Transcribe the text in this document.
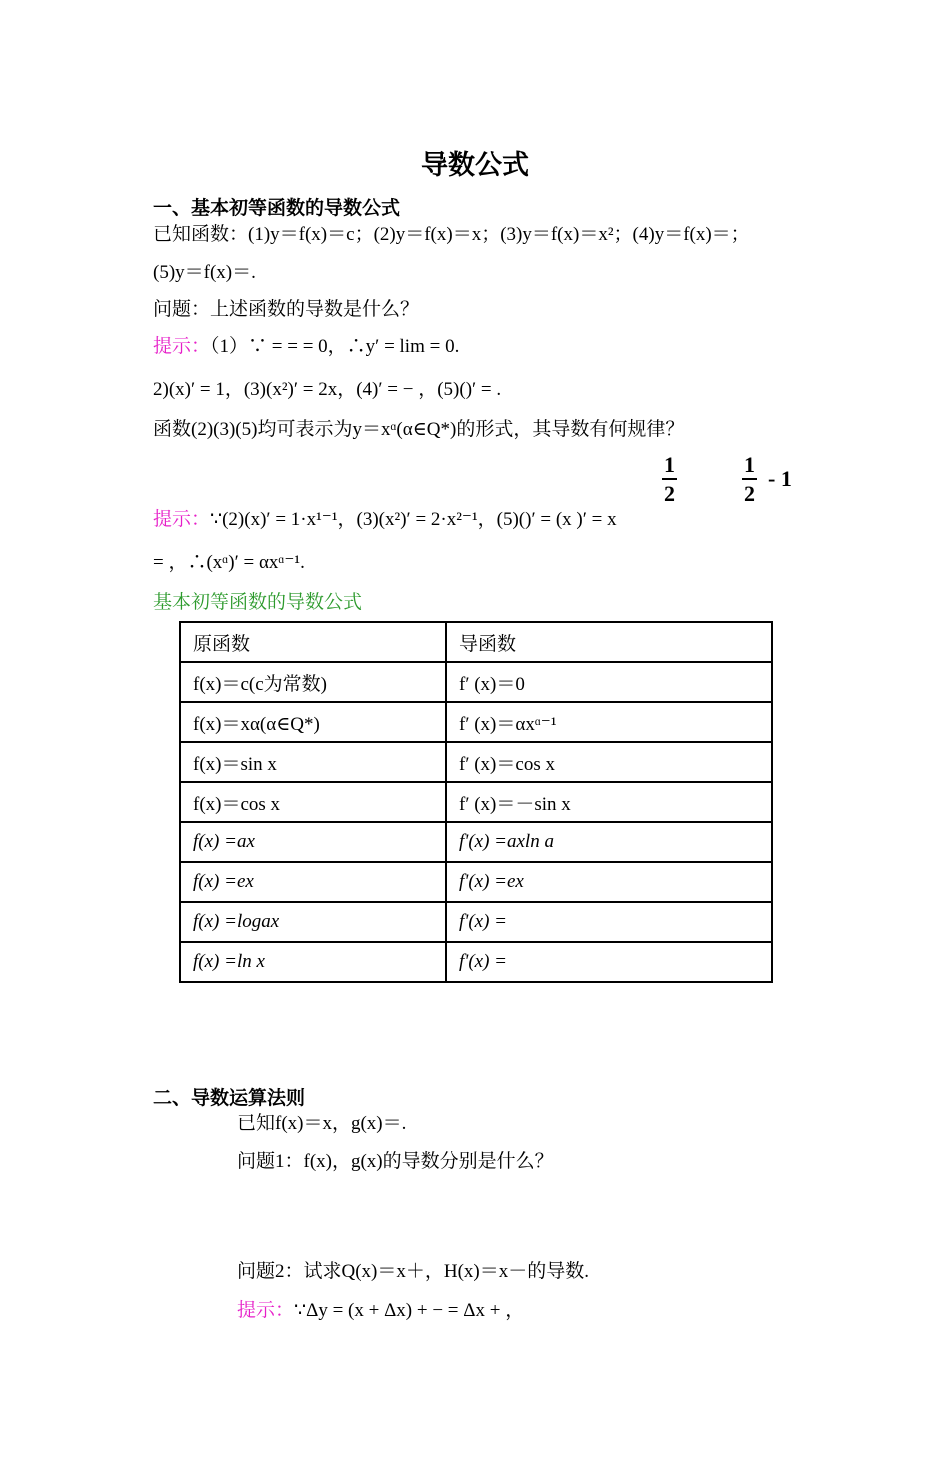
导数公式
一、基本初等函数的导数公式
已知函数：(1)y＝f(x)＝c；(2)y＝f(x)＝x；(3)y＝f(x)＝x²；(4)y＝f(x)＝；
(5)y＝f(x)＝.
问题：上述函数的导数是什么？
提示：（1）∵ = = = 0，∴y′ = lim = 0.
2)(x)′ = 1，(3)(x²)′ = 2x，(4)′ = − ，(5)()′ = .
函数(2)(3)(5)均可表示为y＝xᵅ(α∈Q*)的形式，其导数有何规律？
$\frac{1}{2}$	$\frac{1}{2} - 1$
提示：∵(2)(x)′ = 1·x¹⁻¹，(3)(x²)′ = 2·x²⁻¹，(5)()′ = (x )′ = x
= ，∴(xᵅ)′ = αxᵅ⁻¹.
基本初等函数的导数公式
原函数	导函数
f(x)＝c(c为常数)	f′ (x)＝0
f(x)＝xα(α∈Q*)	f′ (x)＝αxᵅ⁻¹
f(x)＝sin x	f′ (x)＝cos x
f(x)＝cos x	f′ (x)＝－sin x
f(x) =ax	f'(x) =axln a
f(x) =ex	f'(x) =ex
f(x) =logax	f'(x) =
f(x) =ln x	f'(x) =
二、导数运算法则
已知f(x)＝x，g(x)＝.
问题1：f(x)，g(x)的导数分别是什么？
问题2：试求Q(x)＝x＋，H(x)＝x－的导数.
提示：∵Δy = (x + Δx) + − = Δx + ，
